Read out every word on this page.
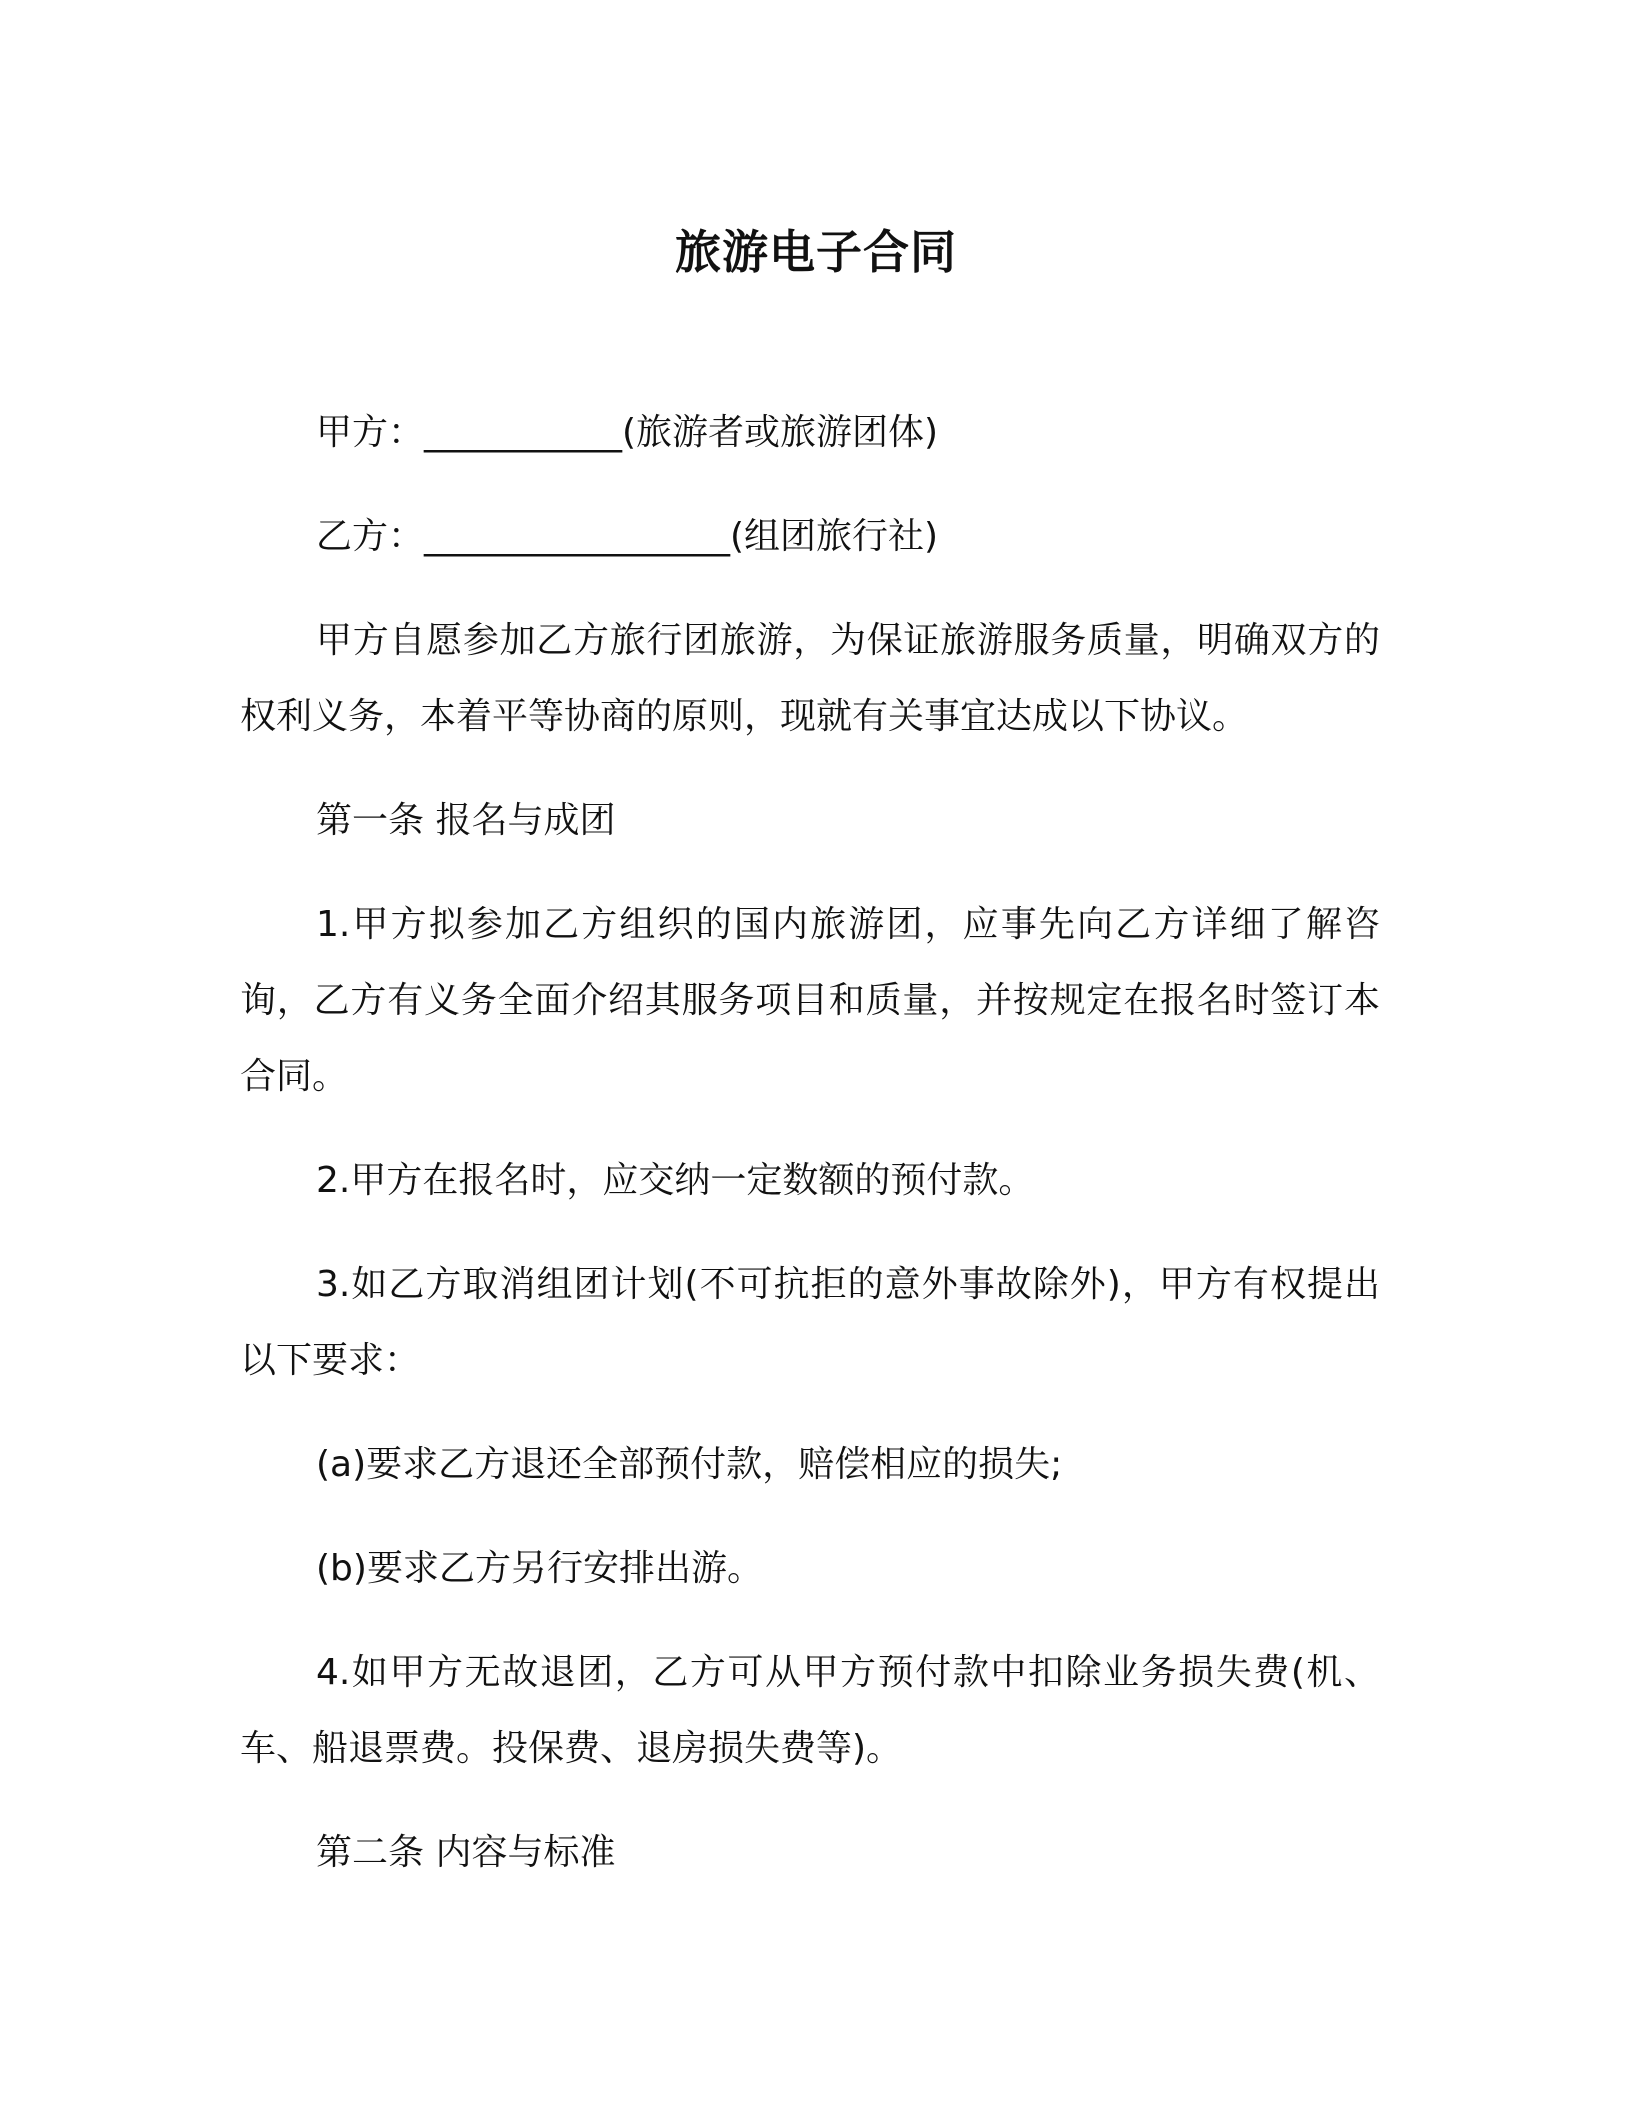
旅游电子合同

甲方：___________(旅游者或旅游团体)

乙方：_________________(组团旅行社)

甲方自愿参加乙方旅行团旅游，为保证旅游服务质量，明确双方的权利义务，本着平等协商的原则，现就有关事宜达成以下协议。

第一条 报名与成团

1.甲方拟参加乙方组织的国内旅游团，应事先向乙方详细了解咨询，乙方有义务全面介绍其服务项目和质量，并按规定在报名时签订本合同。

2.甲方在报名时，应交纳一定数额的预付款。

3.如乙方取消组团计划(不可抗拒的意外事故除外)，甲方有权提出以下要求：

(a)要求乙方退还全部预付款，赔偿相应的损失;

(b)要求乙方另行安排出游。

4.如甲方无故退团，乙方可从甲方预付款中扣除业务损失费(机、车、船退票费。投保费、退房损失费等)。

第二条 内容与标准
